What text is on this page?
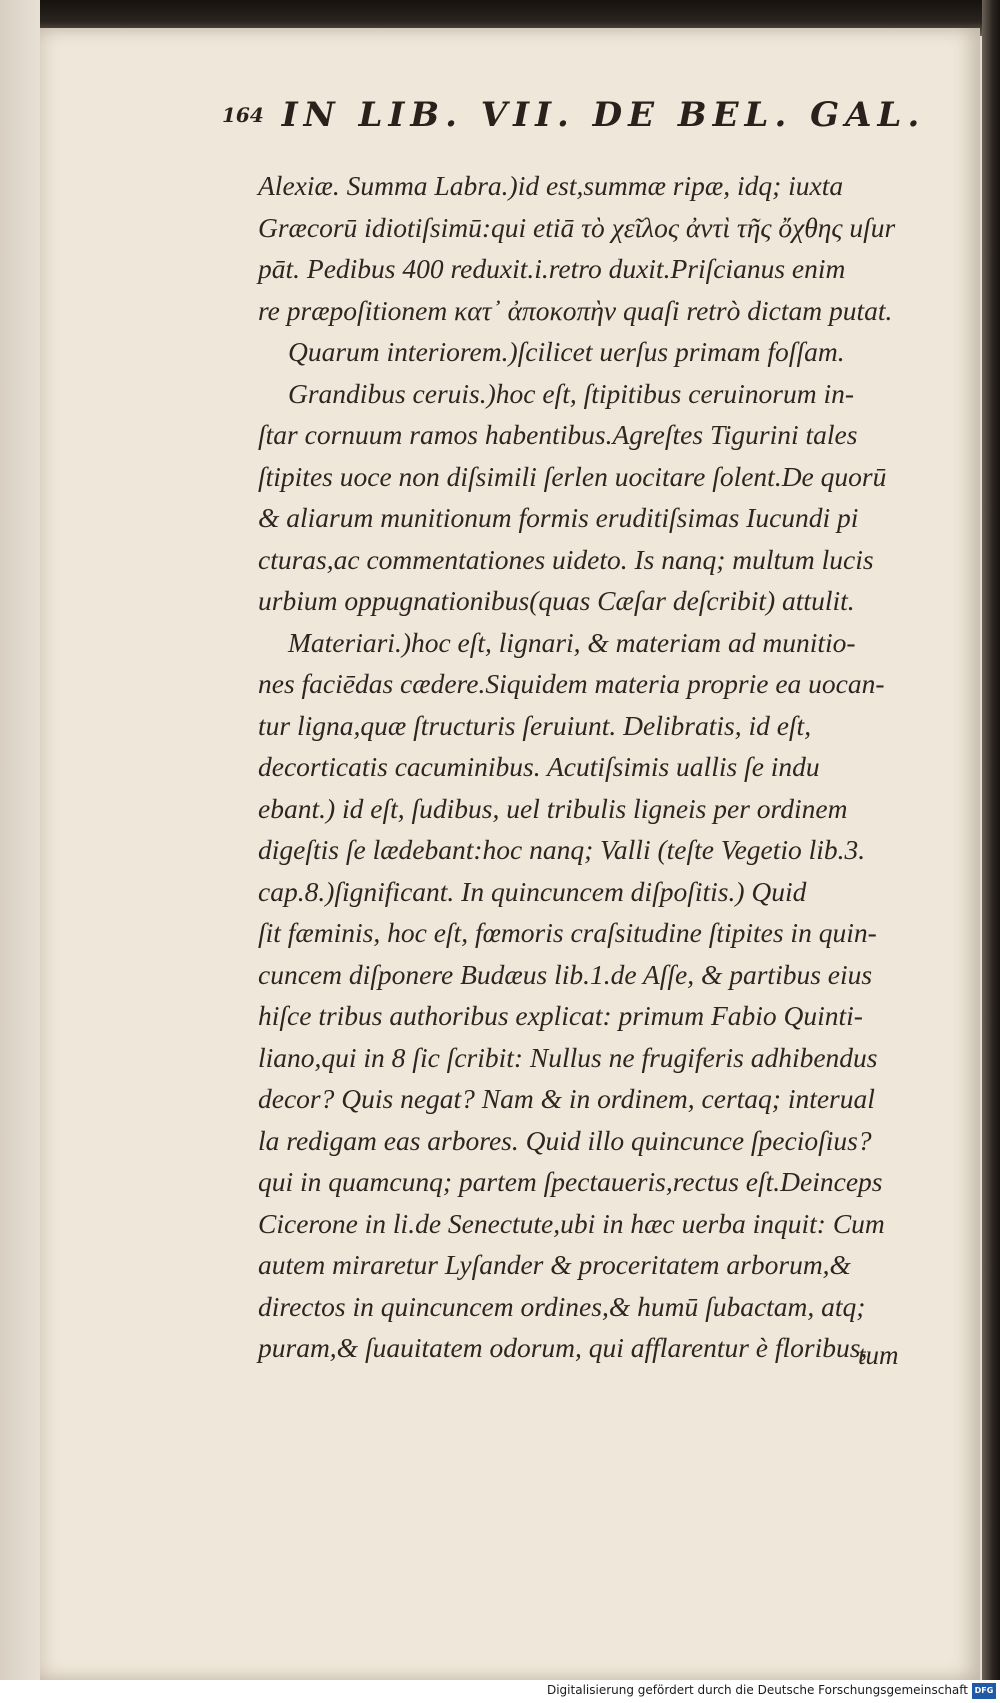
164 IN LIB. VII. DE BEL. GAL.
Alexiæ. Summa Labra.)id est,summæ ripæ, idq; iuxta
Græcorū idiotiſsimū:qui etiā τὸ χεῖλος ἀντὶ τῆς ὄχθης uſur
pāt. Pedibus 400 reduxit.i.retro duxit.Priſcianus enim
re præpoſitionem κατ᾽ ἀποκοπὴν quaſi retrò dictam putat.
Quarum interiorem.)ſcilicet uerſus primam foſſam.
Grandibus ceruis.)hoc eſt, ſtipitibus ceruinorum in‑
ſtar cornuum ramos habentibus.Agreſtes Tigurini tales
ſtipites uoce non diſsimili ſerlen uocitare ſolent.De quorū
& aliarum munitionum formis eruditiſsimas Iucundi pi
cturas,ac commentationes uideto. Is nanq; multum lucis
urbium oppugnationibus(quas Cæſar deſcribit) attulit.
Materiari.)hoc eſt, lignari, & materiam ad munitio‑
nes faciēdas cædere.Siquidem materia proprie ea uocan‑
tur ligna,quæ ſtructuris ſeruiunt. Delibratis, id eſt,
decorticatis cacuminibus. Acutiſsimis uallis ſe indu
ebant.) id eſt, ſudibus, uel tribulis ligneis per ordinem
digeſtis ſe lædebant:hoc nanq; Valli (teſte Vegetio lib.3.
cap.8.)ſignificant. In quincuncem diſpoſitis.) Quid
ſit fæminis, hoc eſt, fœmoris craſsitudine ſtipites in quin‑
cuncem diſponere Budæus lib.1.de Aſſe, & partibus eius
hiſce tribus authoribus explicat: primum Fabio Quinti‑
liano,qui in 8 ſic ſcribit: Nullus ne frugiferis adhibendus
decor? Quis negat? Nam & in ordinem, certaq; interual
la redigam eas arbores. Quid illo quincunce ſpecioſius?
qui in quamcunq; partem ſpectaueris,rectus eſt.Deinceps
Cicerone in li.de Senectute,ubi in hæc uerba inquit: Cum
autem miraretur Lyſander & proceritatem arborum,&
directos in quincuncem ordines,& humū ſubactam, atq;
puram,& ſuauitatem odorum, qui afflarentur è floribus,
tum
Digitalisierung gefördert durch die Deutsche Forschungsgemeinschaft DFG
